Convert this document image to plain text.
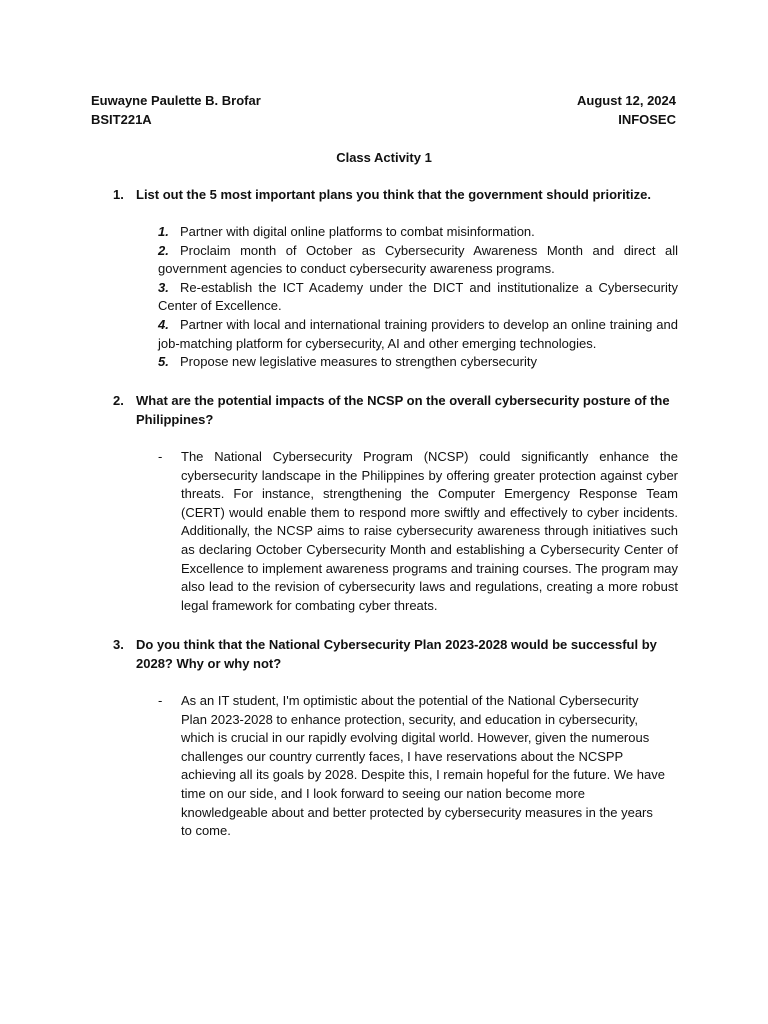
Euwayne Paulette B. Brofar	August 12, 2024
BSIT221A	INFOSEC
Class Activity 1
1. List out the 5 most important plans you think that the government should prioritize.
1. Partner with digital online platforms to combat misinformation.
2. Proclaim month of October as Cybersecurity Awareness Month and direct all government agencies to conduct cybersecurity awareness programs.
3. Re-establish the ICT Academy under the DICT and institutionalize a Cybersecurity Center of Excellence.
4. Partner with local and international training providers to develop an online training and job-matching platform for cybersecurity, AI and other emerging technologies.
5. Propose new legislative measures to strengthen cybersecurity
2. What are the potential impacts of the NCSP on the overall cybersecurity posture of the Philippines?
-	The National Cybersecurity Program (NCSP) could significantly enhance the cybersecurity landscape in the Philippines by offering greater protection against cyber threats. For instance, strengthening the Computer Emergency Response Team (CERT) would enable them to respond more swiftly and effectively to cyber incidents. Additionally, the NCSP aims to raise cybersecurity awareness through initiatives such as declaring October Cybersecurity Month and establishing a Cybersecurity Center of Excellence to implement awareness programs and training courses. The program may also lead to the revision of cybersecurity laws and regulations, creating a more robust legal framework for combating cyber threats.
3. Do you think that the National Cybersecurity Plan 2023-2028 would be successful by 2028? Why or why not?
-	As an IT student, I'm optimistic about the potential of the National Cybersecurity Plan 2023-2028 to enhance protection, security, and education in cybersecurity, which is crucial in our rapidly evolving digital world. However, given the numerous challenges our country currently faces, I have reservations about the NCSPP achieving all its goals by 2028. Despite this, I remain hopeful for the future. We have time on our side, and I look forward to seeing our nation become more knowledgeable about and better protected by cybersecurity measures in the years to come.
